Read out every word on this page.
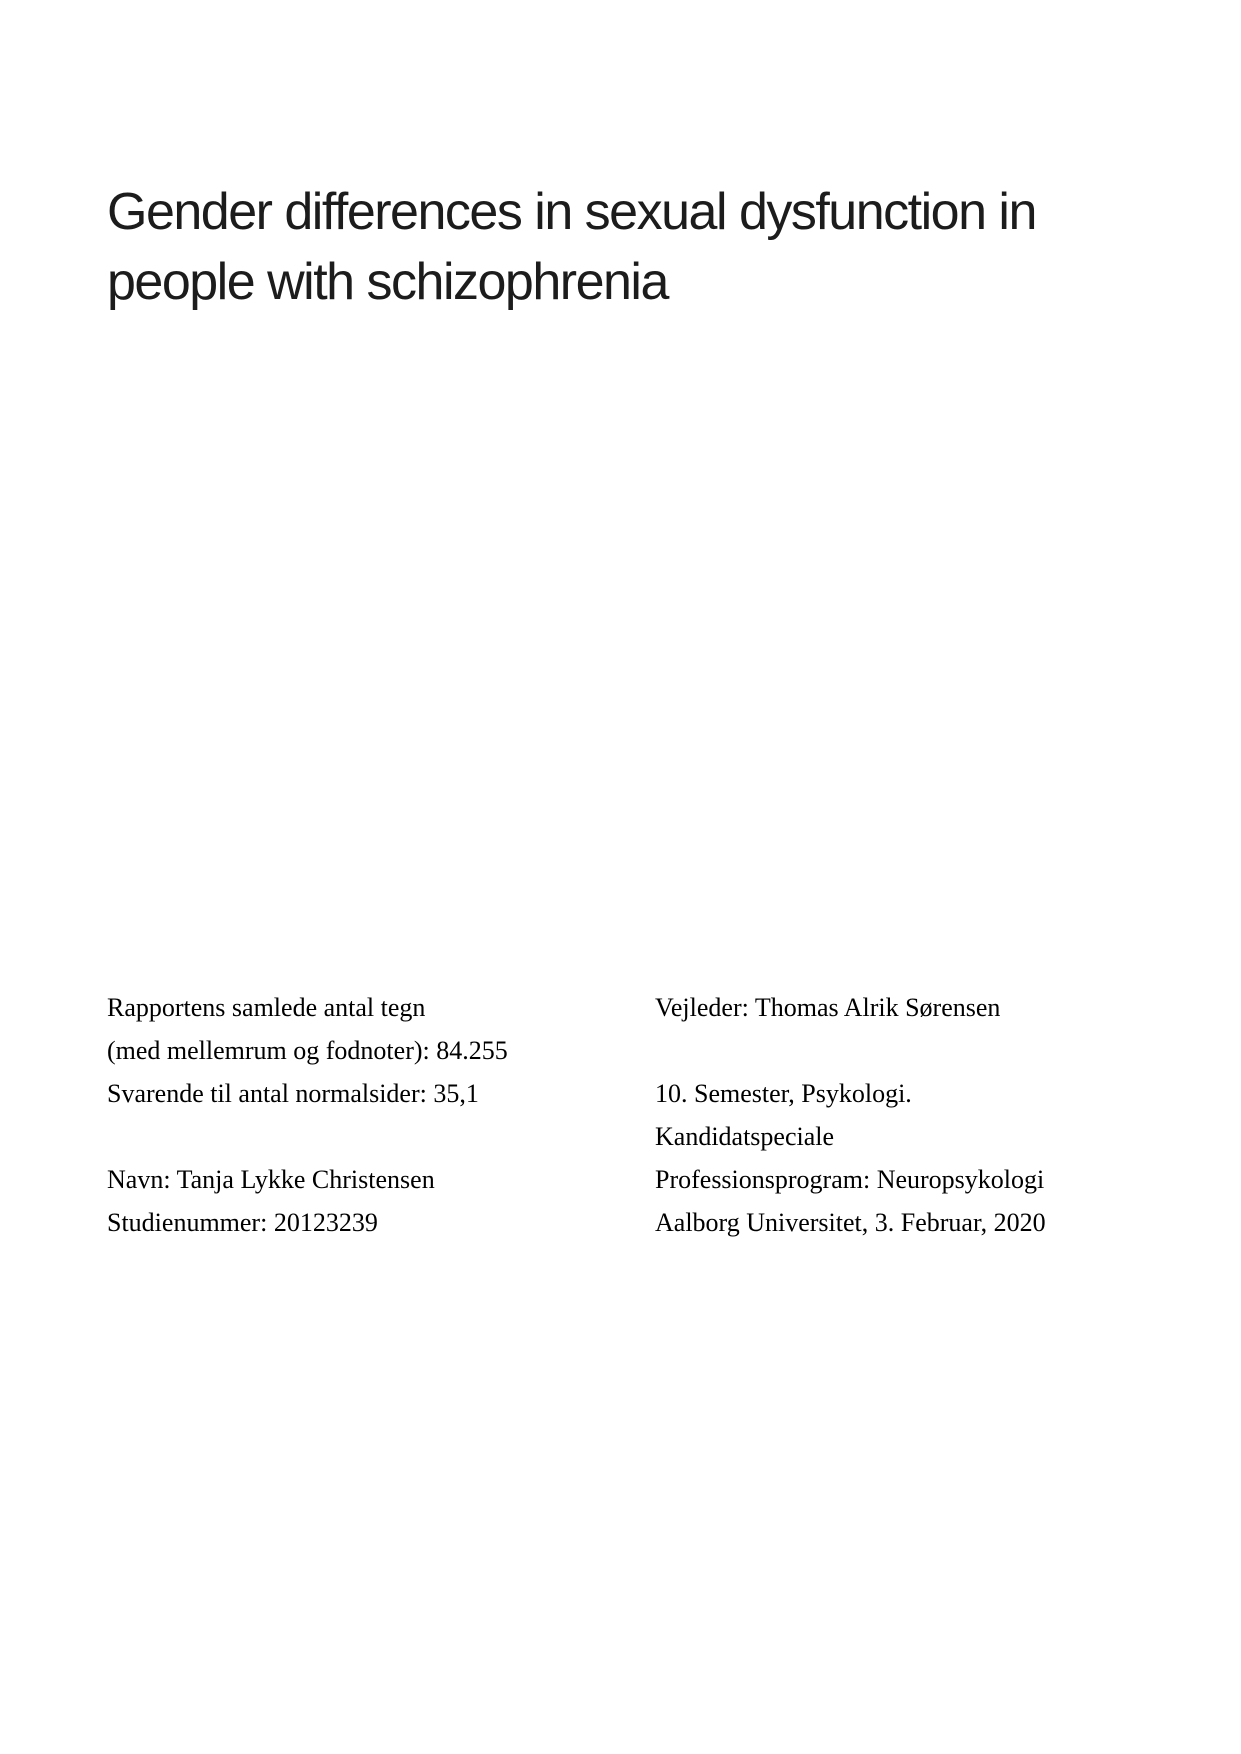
Gender differences in sexual dysfunction in
people with schizophrenia
Rapportens samlede antal tegn
(med mellemrum og fodnoter): 84.255
Svarende til antal normalsider: 35,1
Navn: Tanja Lykke Christensen
Studienummer: 20123239
Vejleder: Thomas Alrik Sørensen
10. Semester, Psykologi.
Kandidatspeciale
Professionsprogram: Neuropsykologi
Aalborg Universitet, 3. Februar, 2020
